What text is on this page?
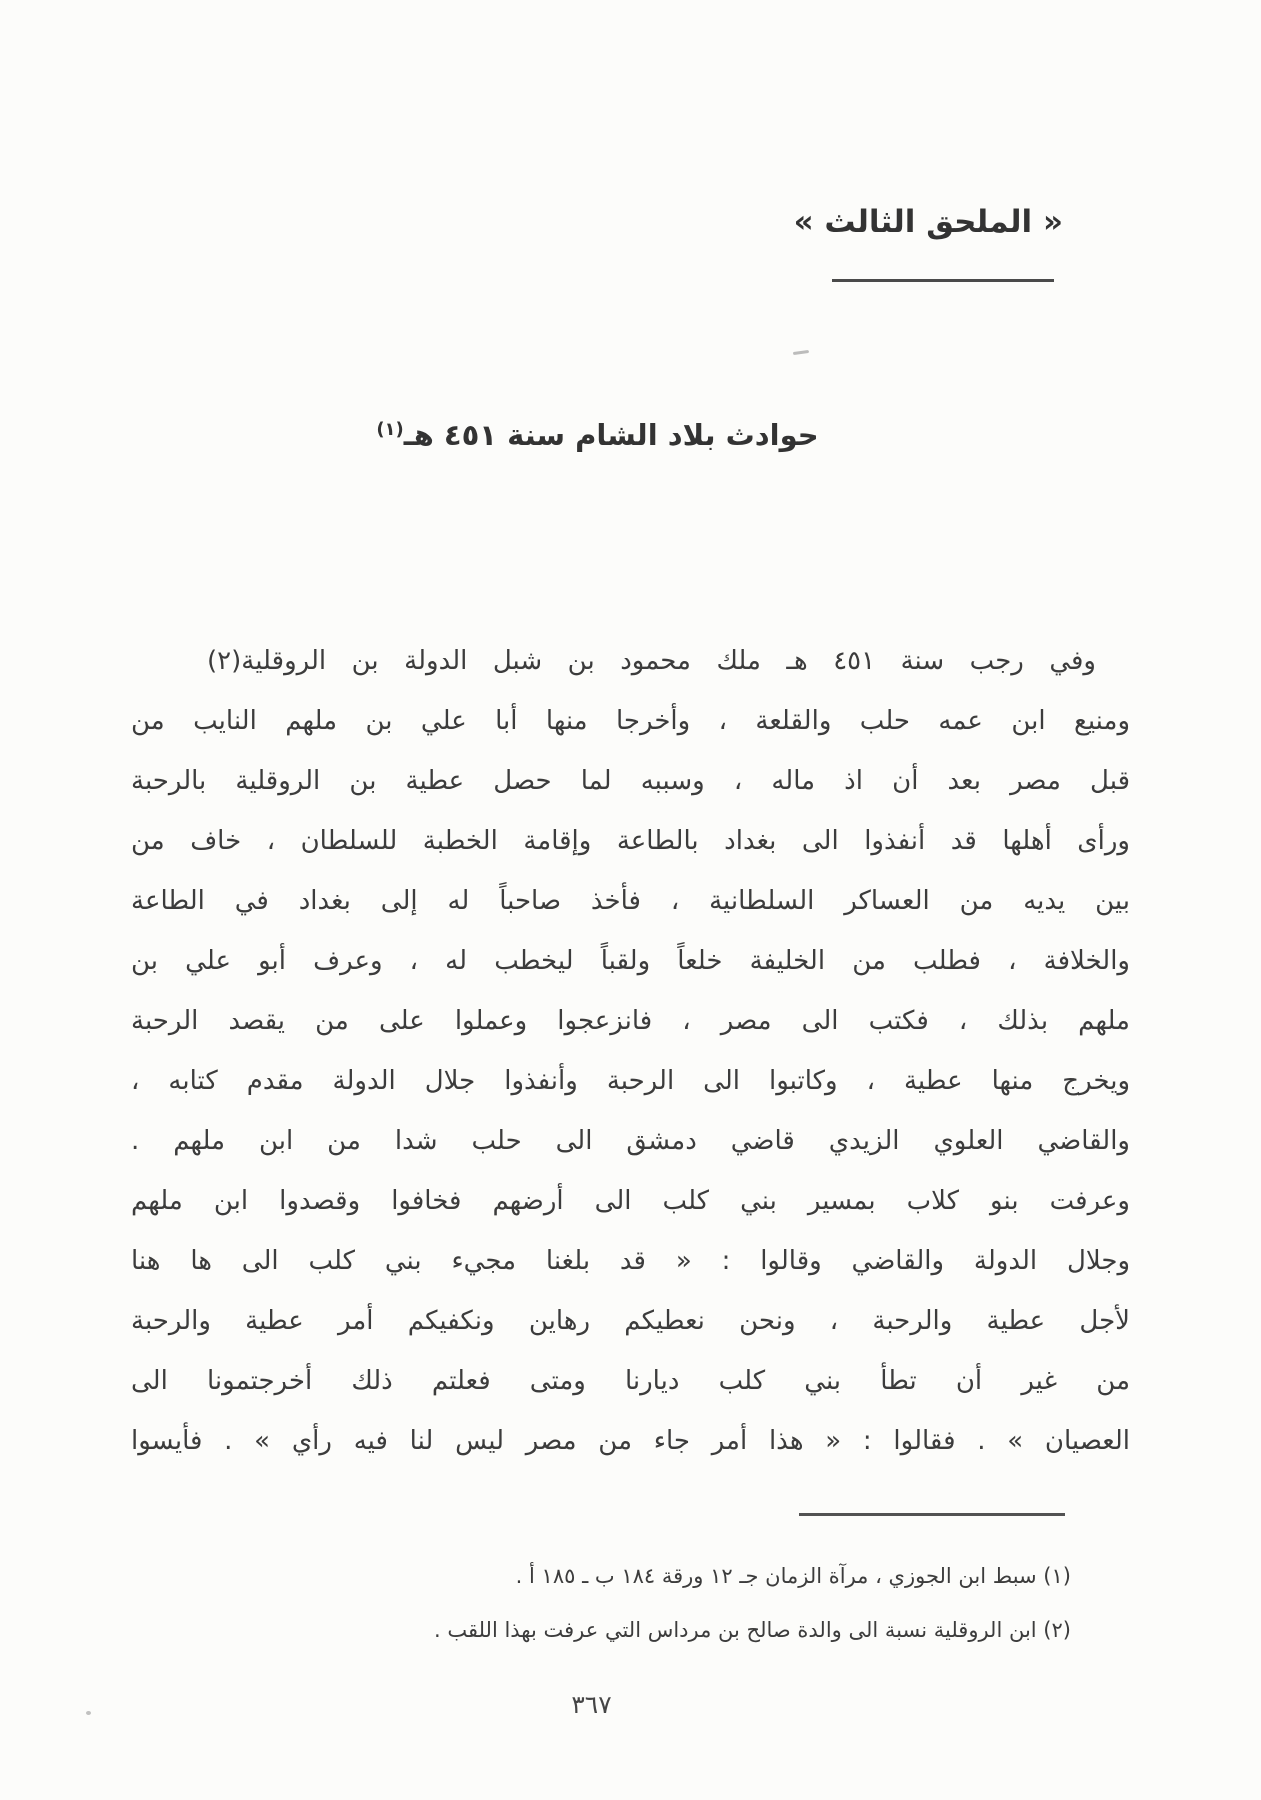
« الملحق الثالث »
حوادث بلاد الشام سنة ٤٥١ هـ$^{(١)}$
وفي رجب سنة ٤٥١ هـ ملك محمود بن شبل الدولة بن الروقلية(٢)
ومنيع ابن عمه حلب والقلعة ، وأخرجا منها أبا علي بن ملهم النايب من
قبل مصر بعد أن اذ ماله ، وسببه لما حصل عطية بن الروقلية بالرحبة
ورأى أهلها قد أنفذوا الى بغداد بالطاعة وإقامة الخطبة للسلطان ، خاف من
بين يديه من العساكر السلطانية ، فأخذ صاحباً له إلى بغداد في الطاعة
والخلافة ، فطلب من الخليفة خلعاً ولقباً ليخطب له ، وعرف أبو علي بن
ملهم بذلك ، فكتب الى مصر ، فانزعجوا وعملوا على من يقصد الرحبة
ويخرج منها عطية ، وكاتبوا الى الرحبة وأنفذوا جلال الدولة مقدم كتابه ،
والقاضي العلوي الزيدي قاضي دمشق الى حلب شدا من ابن ملهم .
وعرفت بنو كلاب بمسير بني كلب الى أرضهم فخافوا وقصدوا ابن ملهم
وجلال الدولة والقاضي وقالوا : « قد بلغنا مجيء بني كلب الى ها هنا
لأجل عطية والرحبة ، ونحن نعطيكم رهاين ونكفيكم أمر عطية والرحبة
من غير أن تطأ بني كلب ديارنا ومتى فعلتم ذلك أخرجتمونا الى
العصيان » . فقالوا : « هذا أمر جاء من مصر ليس لنا فيه رأي » . فأيسوا
(١) سبط ابن الجوزي ، مرآة الزمان جـ ١٢ ورقة ١٨٤ ب ـ ١٨٥ أ .
(٢) ابن الروقلية نسبة الى والدة صالح بن مرداس التي عرفت بهذا اللقب .
٣٦٧
